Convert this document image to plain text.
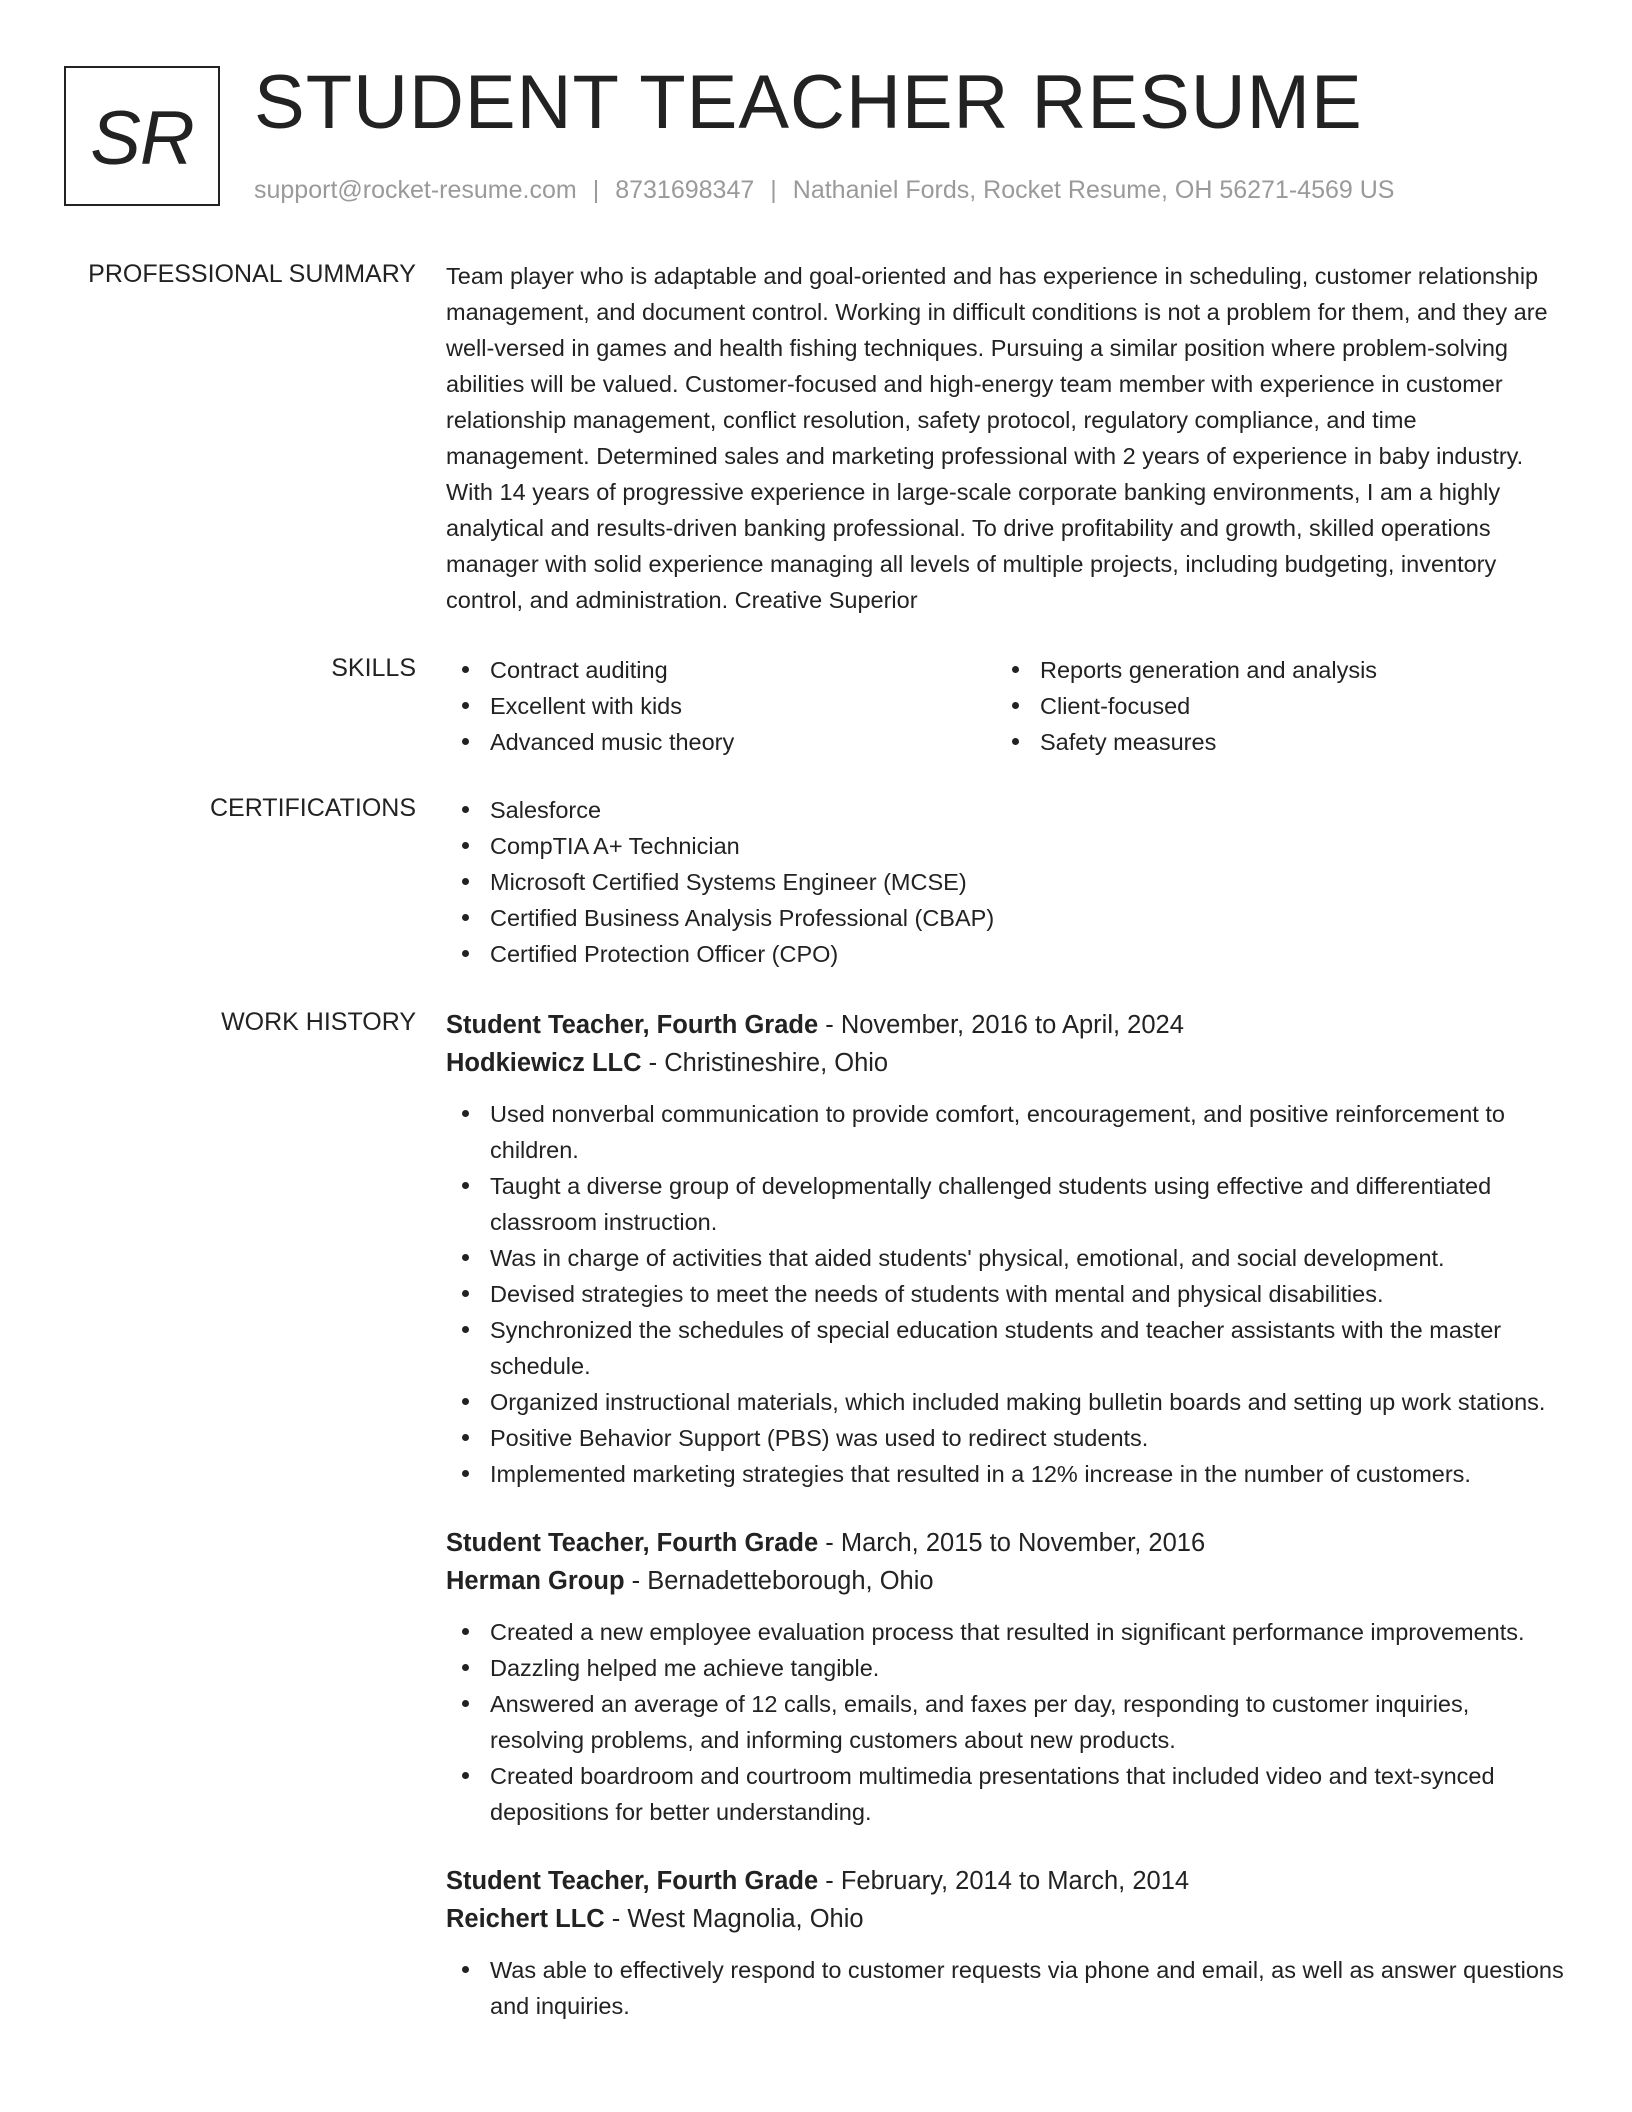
SR STUDENT TEACHER RESUME
support@rocket-resume.com | 8731698347 | Nathaniel Fords, Rocket Resume, OH 56271-4569 US
PROFESSIONAL SUMMARY Team player who is adaptable and goal-oriented and has experience in scheduling, customer relationship management, and document control. Working in difficult conditions is not a problem for them, and they are well-versed in games and health fishing techniques. Pursuing a similar position where problem-solving abilities will be valued. Customer-focused and high-energy team member with experience in customer relationship management, conflict resolution, safety protocol, regulatory compliance, and time management. Determined sales and marketing professional with 2 years of experience in baby industry. With 14 years of progressive experience in large-scale corporate banking environments, I am a highly analytical and results-driven banking professional. To drive profitability and growth, skilled operations manager with solid experience managing all levels of multiple projects, including budgeting, inventory control, and administration. Creative Superior

SKILLS	Contract auditing
Excellent with kids
Advanced music theory
Reports generation and analysis
Client-focused
Safety measures
CERTIFICATIONS	Salesforce
CompTIA A+ Technician
Microsoft Certified Systems Engineer (MCSE)
Certified Business Analysis Professional (CBAP)
Certified Protection Officer (CPO)
WORK HISTORY Student Teacher, Fourth Grade - November, 2016 to April, 2024
Hodkiewicz LLC - Christineshire, Ohio
Used nonverbal communication to provide comfort, encouragement, and positive reinforcement to children.
Taught a diverse group of developmentally challenged students using effective and differentiated classroom instruction.
Was in charge of activities that aided students' physical, emotional, and social development.
Devised strategies to meet the needs of students with mental and physical disabilities.
Synchronized the schedules of special education students and teacher assistants with the master schedule.
Organized instructional materials, which included making bulletin boards and setting up work stations.
Positive Behavior Support (PBS) was used to redirect students.
Implemented marketing strategies that resulted in a 12% increase in the number of customers.
Student Teacher, Fourth Grade - March, 2015 to November, 2016
Herman Group - Bernadetteborough, Ohio
Created a new employee evaluation process that resulted in significant performance improvements.
Dazzling helped me achieve tangible.
Answered an average of 12 calls, emails, and faxes per day, responding to customer inquiries, resolving problems, and informing customers about new products.
Created boardroom and courtroom multimedia presentations that included video and text-synced depositions for better understanding.
Student Teacher, Fourth Grade - February, 2014 to March, 2014
Reichert LLC - West Magnolia, Ohio
Was able to effectively respond to customer requests via phone and email, as well as answer questions and inquiries.
